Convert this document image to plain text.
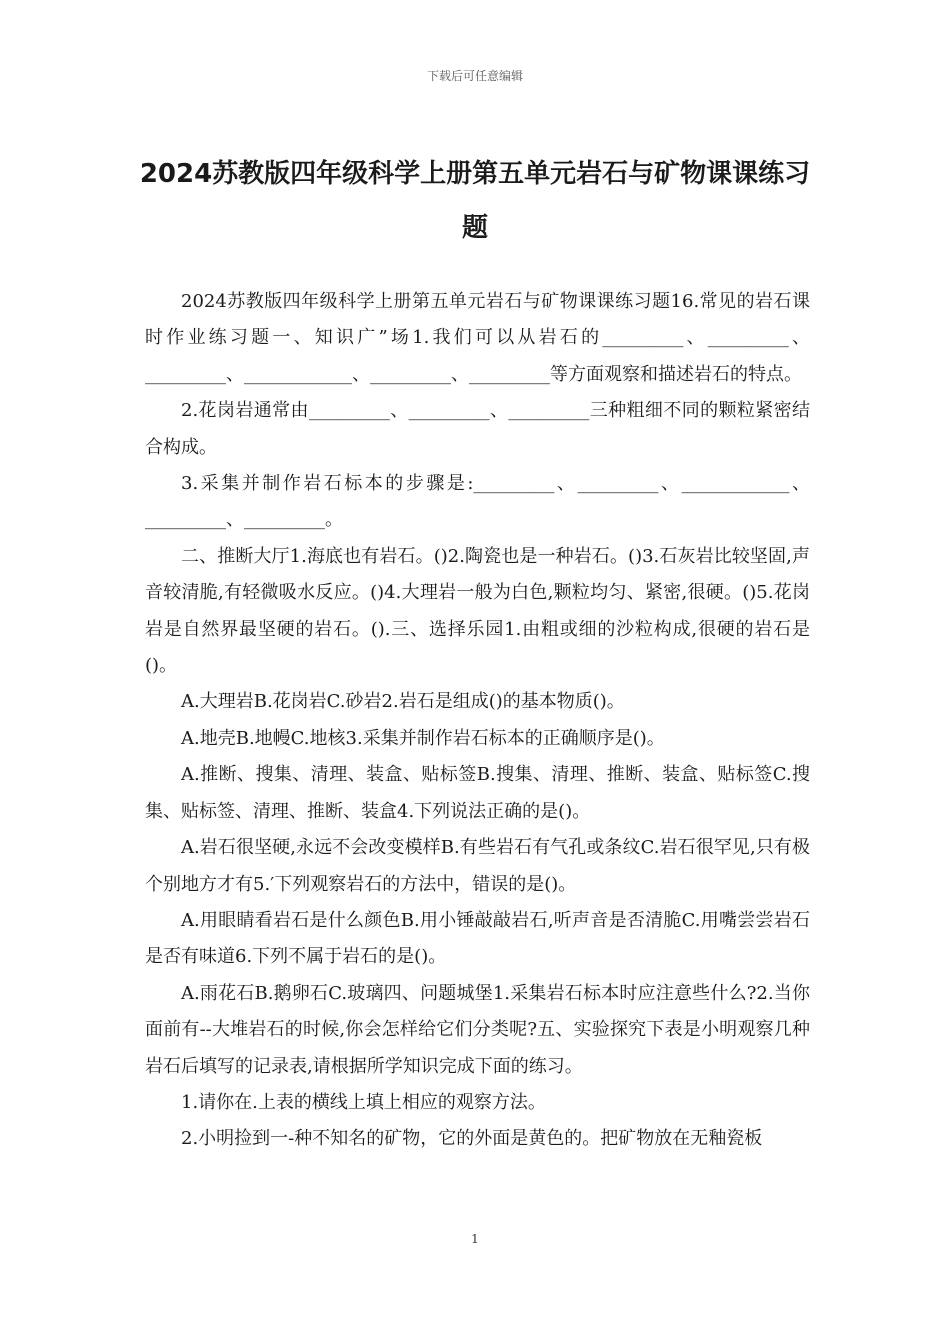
下载后可任意编辑
2024苏教版四年级科学上册第五单元岩石与矿物课课练习题

2024苏教版四年级科学上册第五单元岩石与矿物课课练习题16.常见的岩石课时作业练习题一、知识广”场1.我们可以从岩石的_________、_________、_________、____________、_________、_________等方面观察和描述岩石的特点。

2.花岗岩通常由_________、_________、_________三种粗细不同的颗粒紧密结合构成。

3.采集并制作岩石标本的步骤是:_________、_________、____________、_________、_________。

二、推断大厅1.海底也有岩石。()2.陶瓷也是一种岩石。()3.石灰岩比较坚固,声音较清脆,有轻微吸水反应。()4.大理岩一般为白色,颗粒均匀、紧密,很硬。()5.花岗岩是自然界最坚硬的岩石。().三、选择乐园1.由粗或细的沙粒构成,很硬的岩石是()。

A.大理岩B.花岗岩C.砂岩2.岩石是组成()的基本物质()。

A.地壳B.地幔C.地核3.采集并制作岩石标本的正确顺序是()。

A.推断、搜集、清理、装盒、贴标签B.搜集、清理、推断、装盒、贴标签C.搜集、贴标签、清理、推断、装盒4.下列说法正确的是()。

A.岩石很坚硬,永远不会改变模样B.有些岩石有气孔或条纹C.岩石很罕见,只有极个别地方才有5.′下列观察岩石的方法中，错误的是()。

A.用眼睛看岩石是什么颜色B.用小锤敲敲岩石,听声音是否清脆C.用嘴尝尝岩石是否有味道6.下列不属于岩石的是()。

A.雨花石B.鹅卵石C.玻璃四、问题城堡1.采集岩石标本时应注意些什么?2.当你面前有--大堆岩石的时候,你会怎样给它们分类呢?五、实验探究下表是小明观察几种岩石后填写的记录表,请根据所学知识完成下面的练习。

1.请你在.上表的横线上填上相应的观察方法。

2.小明捡到一-种不知名的矿物，它的外面是黄色的。把矿物放在无釉瓷板

1
